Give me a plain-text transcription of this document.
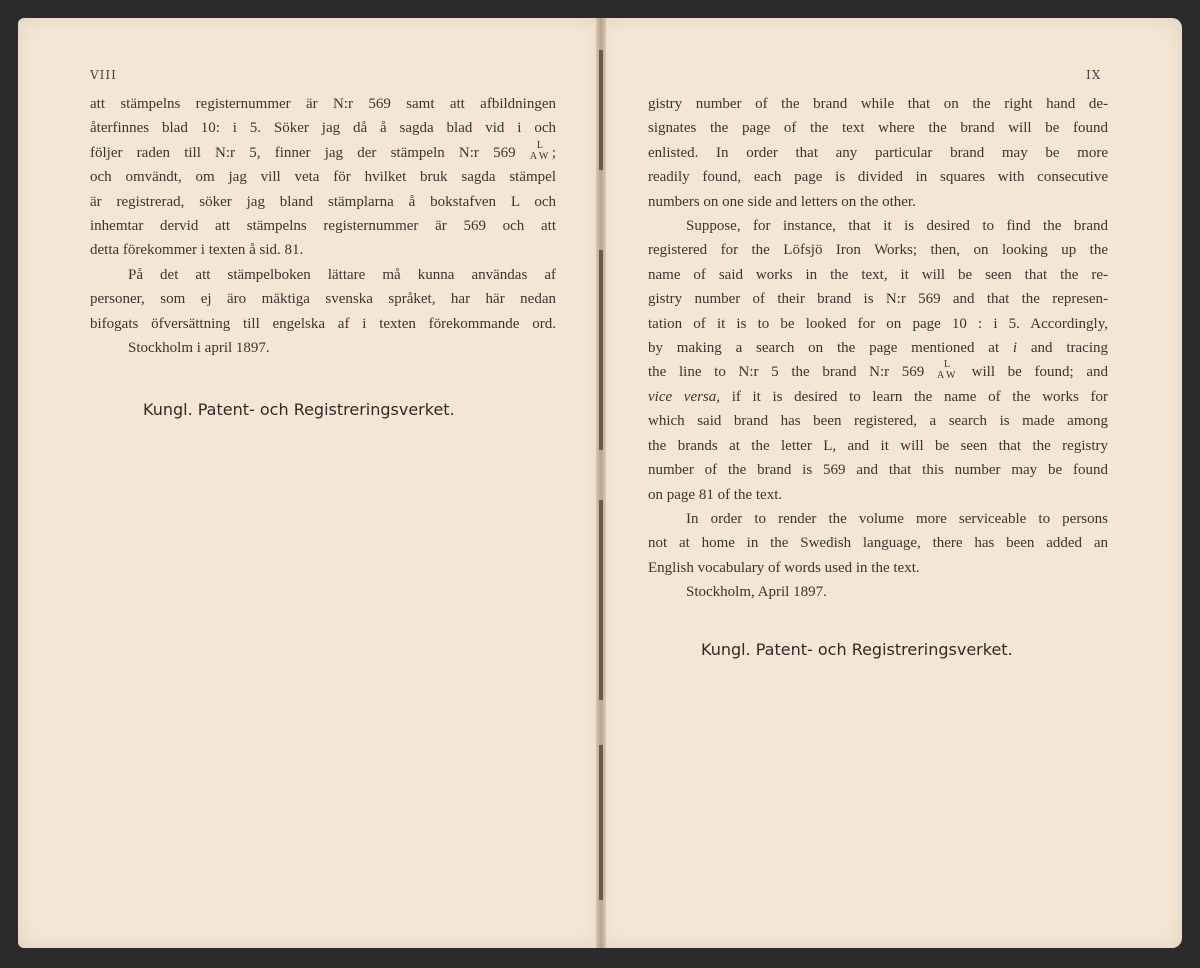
VIII

att stämpelns registernummer är N:r 569 samt att afbildningen

återfinnes blad 10: i 5. Söker jag då å sagda blad vid i och

följer raden till N:r 5, finner jag der stämpeln N:r 569 L
A W ;

och omvändt, om jag vill veta för hvilket bruk sagda stämpel

är registrerad, söker jag bland stämplarna å bokstafven L och

inhemtar dervid att stämpelns registernummer är 569 och att

detta förekommer i texten å sid. 81.

På det att stämpelboken lättare må kunna användas af

personer, som ej äro mäktiga svenska språket, har här nedan

bifogats öfversättning till engelska af i texten förekommande ord.

Stockholm i april 1897.

Kungl. Patent- och Registreringsverket.
IX

gistry number of the brand while that on the right hand de-

signates the page of the text where the brand will be found

enlisted. In order that any particular brand may be more

readily found, each page is divided in squares with consecutive

numbers on one side and letters on the other.

Suppose, for instance, that it is desired to find the brand

registered for the Löfsjö Iron Works; then, on looking up the

name of said works in the text, it will be seen that the re-

gistry number of their brand is N:r 569 and that the represen-

tation of it is to be looked for on page 10 : i 5. Accordingly,

by making a search on the page mentioned at i and tracing

the line to N:r 5 the brand N:r 569 L
A W will be found; and

vice versa, if it is desired to learn the name of the works for

which said brand has been registered, a search is made among

the brands at the letter L, and it will be seen that the registry

number of the brand is 569 and that this number may be found

on page 81 of the text.

In order to render the volume more serviceable to persons

not at home in the Swedish language, there has been added an

English vocabulary of words used in the text.

Stockholm, April 1897.

Kungl. Patent- och Registreringsverket.
